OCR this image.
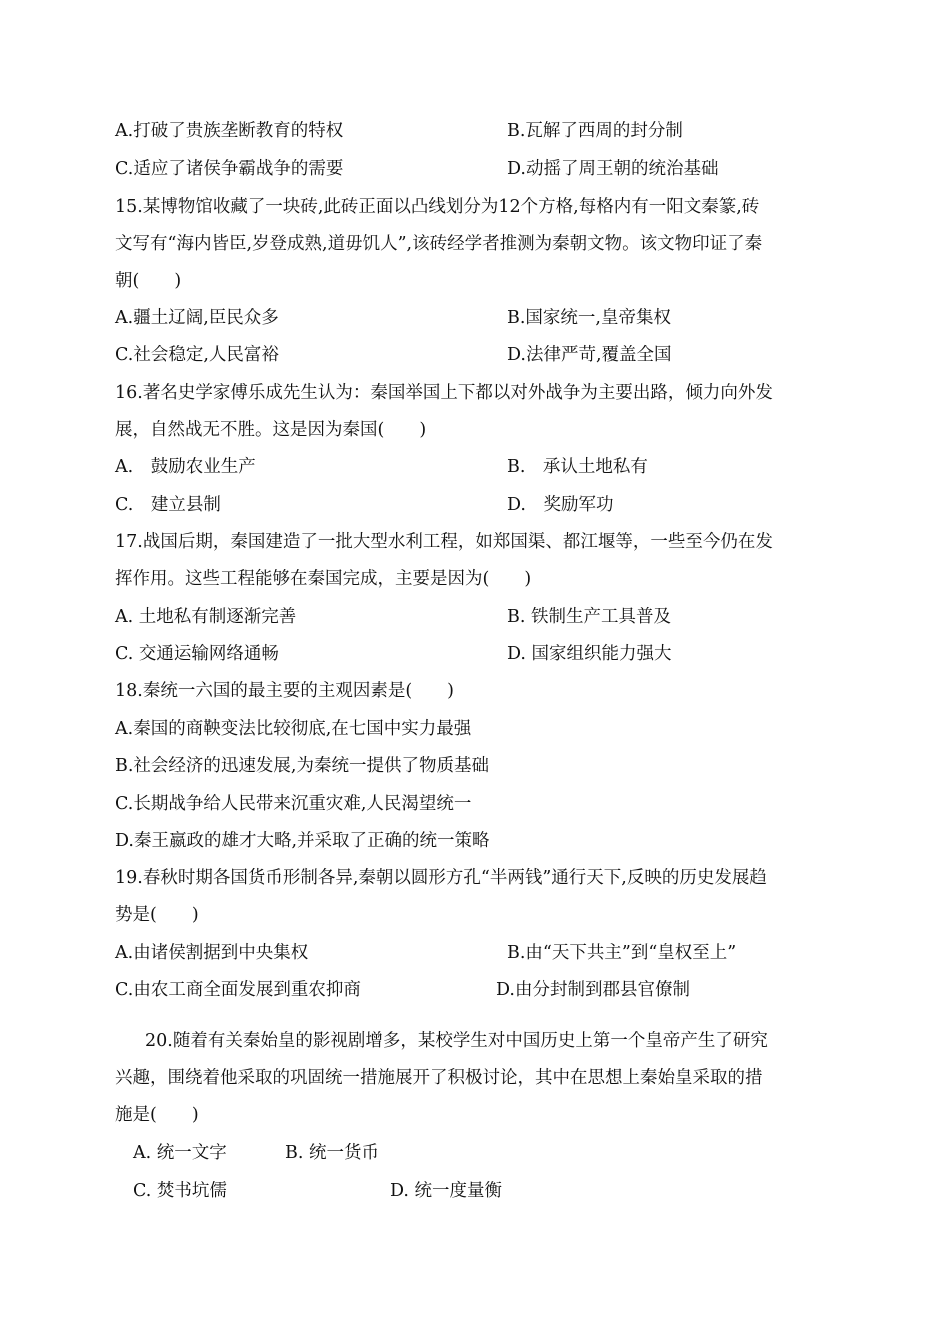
A.打破了贵族垄断教育的特权	B.瓦解了西周的封分制
C.适应了诸侯争霸战争的需要	D.动摇了周王朝的统治基础
15.某博物馆收藏了一块砖,此砖正面以凸线划分为12个方格,每格内有一阳文秦篆,砖
文写有“海内皆臣,岁登成熟,道毋饥人”,该砖经学者推测为秦朝文物。该文物印证了秦
朝(　　)
A.疆土辽阔,臣民众多	B.国家统一,皇帝集权
C.社会稳定,人民富裕	D.法律严苛,覆盖全国
16.著名史学家傅乐成先生认为：秦国举国上下都以对外战争为主要出路，倾力向外发
展，自然战无不胜。这是因为秦国(　　)
A.　鼓励农业生产	B.　承认土地私有
C.　建立县制	D.　奖励军功
17.战国后期，秦国建造了一批大型水利工程，如郑国渠、都江堰等，一些至今仍在发
挥作用。这些工程能够在秦国完成，主要是因为(　　)
A. 土地私有制逐渐完善	B. 铁制生产工具普及
C. 交通运输网络通畅	D. 国家组织能力强大
18.秦统一六国的最主要的主观因素是(　　)
A.秦国的商鞅变法比较彻底,在七国中实力最强
B.社会经济的迅速发展,为秦统一提供了物质基础
C.长期战争给人民带来沉重灾难,人民渴望统一
D.秦王嬴政的雄才大略,并采取了正确的统一策略
19.春秋时期各国货币形制各异,秦朝以圆形方孔“半两钱”通行天下,反映的历史发展趋
势是(　　)
A.由诸侯割据到中央集权	B.由“天下共主”到“皇权至上”
C.由农工商全面发展到重农抑商	D.由分封制到郡县官僚制
20.随着有关秦始皇的影视剧增多，某校学生对中国历史上第一个皇帝产生了研究
兴趣，围绕着他采取的巩固统一措施展开了积极讨论，其中在思想上秦始皇采取的措
施是(　　)
A. 统一文字	B. 统一货币
C. 焚书坑儒	D. 统一度量衡
